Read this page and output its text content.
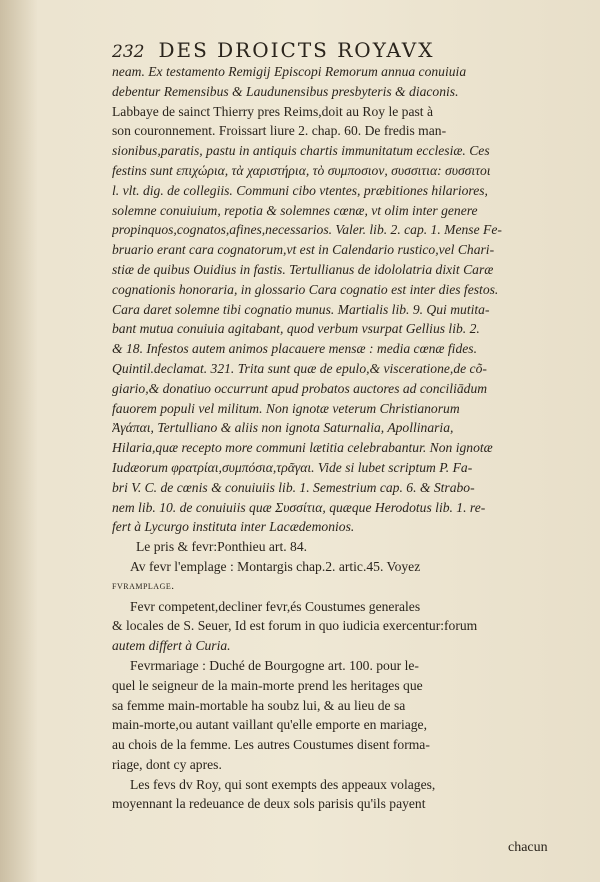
232 DES DROICTS ROYAVX
neam. Ex testamento Remigij Episcopi Remorum annua conuiuia
debentur Remensibus & Laudunensibus presbyteris & diaconis.
Labbaye de sainct Thierry pres Reims,doit au Roy le past à
son couronnement. Froissart liure 2. chap. 60. De fredis man-
sionibus,paratis, pastu in antiquis chartis immunitatum ecclesiæ. Ces
festins sunt επιχώρια, τὰ χαριστήρια, τὸ συμποσιον, συσσιτια: συσσιτοι
l. vlt. dig. de collegiis. Communi cibo vtentes, præbitiones hilariores,
solemne conuiuium, repotia & solemnes cœnæ, vt olim inter genere
propinquos,cognatos,afines,necessarios. Valer. lib. 2. cap. 1. Mense Fe-
bruario erant cara cognatorum,vt est in Calendario rustico,vel Chari-
stiæ de quibus Ouidius in fastis. Tertullianus de idololatria dixit Caræ
cognationis honoraria, in glossario Cara cognatio est inter dies festos.
Cara daret solemne tibi cognatio munus. Martialis lib. 9. Qui mutita-
bant mutua conuiuia agitabant, quod verbum vsurpat Gellius lib. 2.
& 18. Infestos autem animos placauere mensæ : media cœnæ fides.
Quintil.declamat. 321. Trita sunt quæ de epulo,& visceratione,de cõ-
giario,& donatiuo occurrunt apud probatos auctores ad conciliādum
fauorem populi vel militum. Non ignotæ veterum Christianorum
Ἀγάπαι, Tertulliano & aliis non ignota Saturnalia, Apollinaria,
Hilaria,quæ recepto more communi lætitia celebrabantur. Non ignotæ
Iudæorum φρατρίαι,συμπόσια,τρᾶγαι. Vide si lubet scriptum P. Fa-
bri V. C. de cœnis & conuiuiis lib. 1. Semestrium cap. 6. & Strabo-
nem lib. 10. de conuiuiis quæ Συσσίτια, quæque Herodotus lib. 1. re-
fert à Lycurgo instituta inter Lacædemonios.
Le pris & fevr:Ponthieu art. 84.
Av fevr l'emplage : Montargis chap.2. artic.45. Voyez
fvramplage.
Fevr competent,decliner fevr,és Coustumes generales
& locales de S. Seuer, Id est forum in quo iudicia exercentur:forum
autem differt à Curia.
Fevrmariage : Duché de Bourgogne art. 100. pour le-
quel le seigneur de la main-morte prend les heritages que
sa femme main-mortable ha soubz lui, & au lieu de sa
main-morte,ou autant vaillant qu'elle emporte en mariage,
au chois de la femme. Les autres Coustumes disent forma-
riage, dont cy apres.
Les fevs dv Roy, qui sont exempts des appeaux volages,
moyennant la redeuance de deux sols parisis qu'ils payent
chacun
